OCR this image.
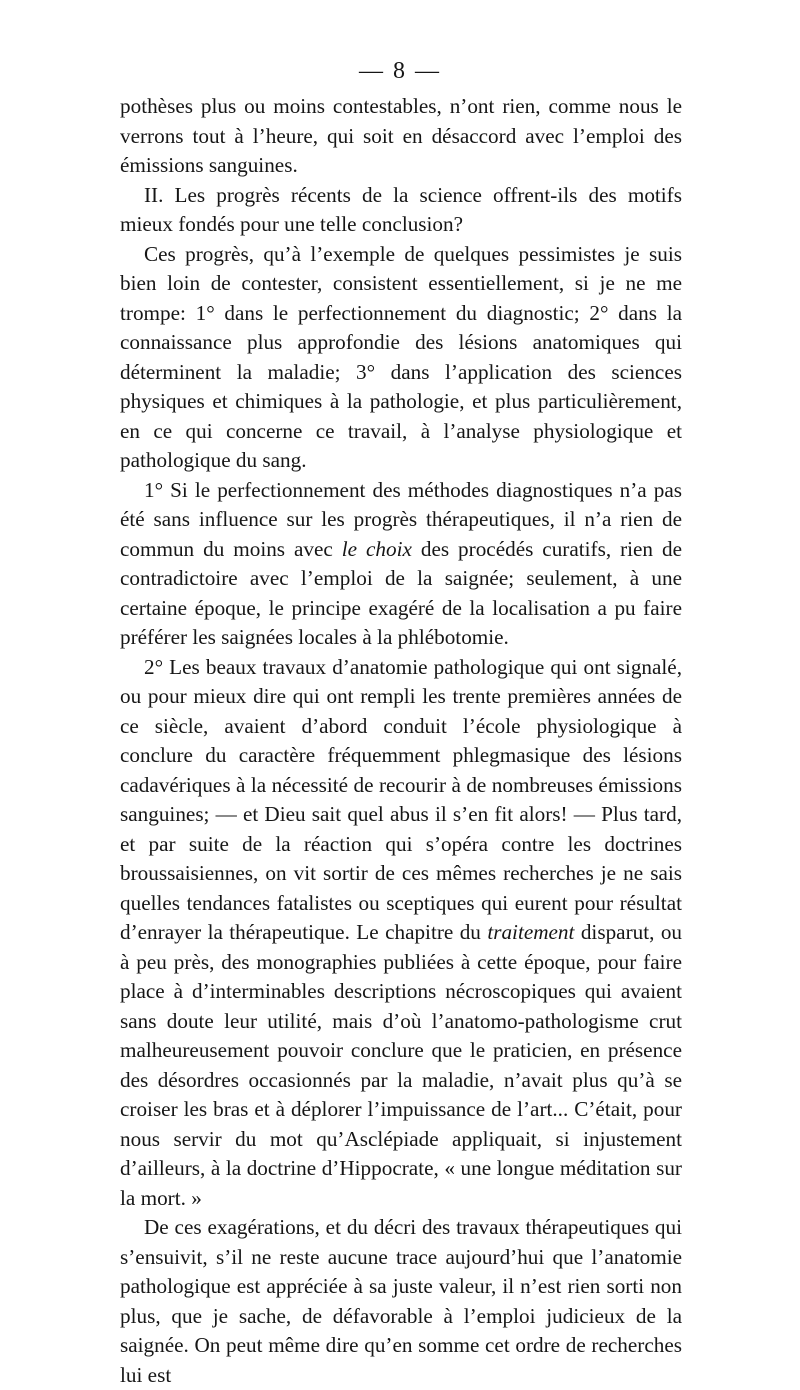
— 8 —

pothèses plus ou moins contestables, n’ont rien, comme nous le verrons tout à l’heure, qui soit en désaccord avec l’emploi des émissions sanguines.

II. Les progrès récents de la science offrent-ils des motifs mieux fondés pour une telle conclusion?

Ces progrès, qu’à l’exemple de quelques pessimistes je suis bien loin de contester, consistent essentiellement, si je ne me trompe: 1° dans le perfectionnement du diagnostic; 2° dans la connaissance plus approfondie des lésions anatomiques qui déterminent la maladie; 3° dans l’application des sciences physiques et chimiques à la pathologie, et plus particulièrement, en ce qui concerne ce travail, à l’analyse physiologique et pathologique du sang.

1° Si le perfectionnement des méthodes diagnostiques n’a pas été sans influence sur les progrès thérapeutiques, il n’a rien de commun du moins avec le choix des procédés curatifs, rien de contradictoire avec l’emploi de la saignée; seulement, à une certaine époque, le principe exagéré de la localisation a pu faire préférer les saignées locales à la phlébotomie.

2° Les beaux travaux d’anatomie pathologique qui ont signalé, ou pour mieux dire qui ont rempli les trente premières années de ce siècle, avaient d’abord conduit l’école physiologique à conclure du caractère fréquemment phlegmasique des lésions cadavériques à la nécessité de recourir à de nombreuses émissions sanguines; — et Dieu sait quel abus il s’en fit alors! — Plus tard, et par suite de la réaction qui s’opéra contre les doctrines broussaisiennes, on vit sortir de ces mêmes recherches je ne sais quelles tendances fatalistes ou sceptiques qui eurent pour résultat d’enrayer la thérapeutique. Le chapitre du traitement disparut, ou à peu près, des monographies publiées à cette époque, pour faire place à d’interminables descriptions nécroscopiques qui avaient sans doute leur utilité, mais d’où l’anatomo-pathologisme crut malheureusement pouvoir conclure que le praticien, en présence des désordres occasionnés par la maladie, n’avait plus qu’à se croiser les bras et à déplorer l’impuissance de l’art... C’était, pour nous servir du mot qu’Asclépiade appliquait, si injustement d’ailleurs, à la doctrine d’Hippocrate, « une longue méditation sur la mort. »

De ces exagérations, et du décri des travaux thérapeutiques qui s’ensuivit, s’il ne reste aucune trace aujourd’hui que l’anatomie pathologique est appréciée à sa juste valeur, il n’est rien sorti non plus, que je sache, de défavorable à l’emploi judicieux de la saignée. On peut même dire qu’en somme cet ordre de recherches lui est
